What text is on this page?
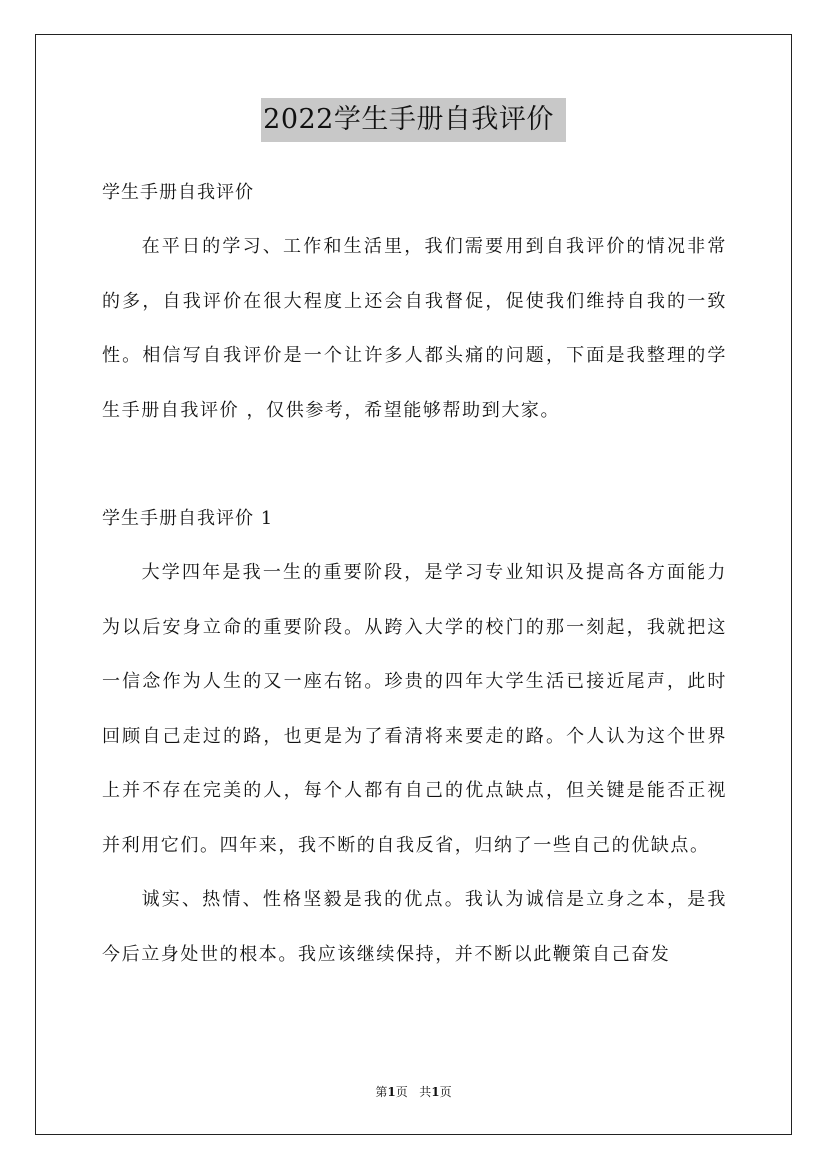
2022学生手册自我评价

学生手册自我评价

在平日的学习、工作和生活里，我们需要用到自我评价的情况非常的多，自我评价在很大程度上还会自我督促，促使我们维持自我的一致性。相信写自我评价是一个让许多人都头痛的问题，下面是我整理的学生手册自我评价 ，仅供参考，希望能够帮助到大家。

学生手册自我评价 1

大学四年是我一生的重要阶段，是学习专业知识及提高各方面能力为以后安身立命的重要阶段。从跨入大学的校门的那一刻起，我就把这一信念作为人生的又一座右铭。珍贵的四年大学生活已接近尾声，此时回顾自己走过的路，也更是为了看清将来要走的路。个人认为这个世界上并不存在完美的人，每个人都有自己的优点缺点，但关键是能否正视并利用它们。四年来，我不断的自我反省，归纳了一些自己的优缺点。

诚实、热情、性格坚毅是我的优点。我认为诚信是立身之本，是我今后立身处世的根本。我应该继续保持，并不断以此鞭策自己奋发

第1页 共1页
